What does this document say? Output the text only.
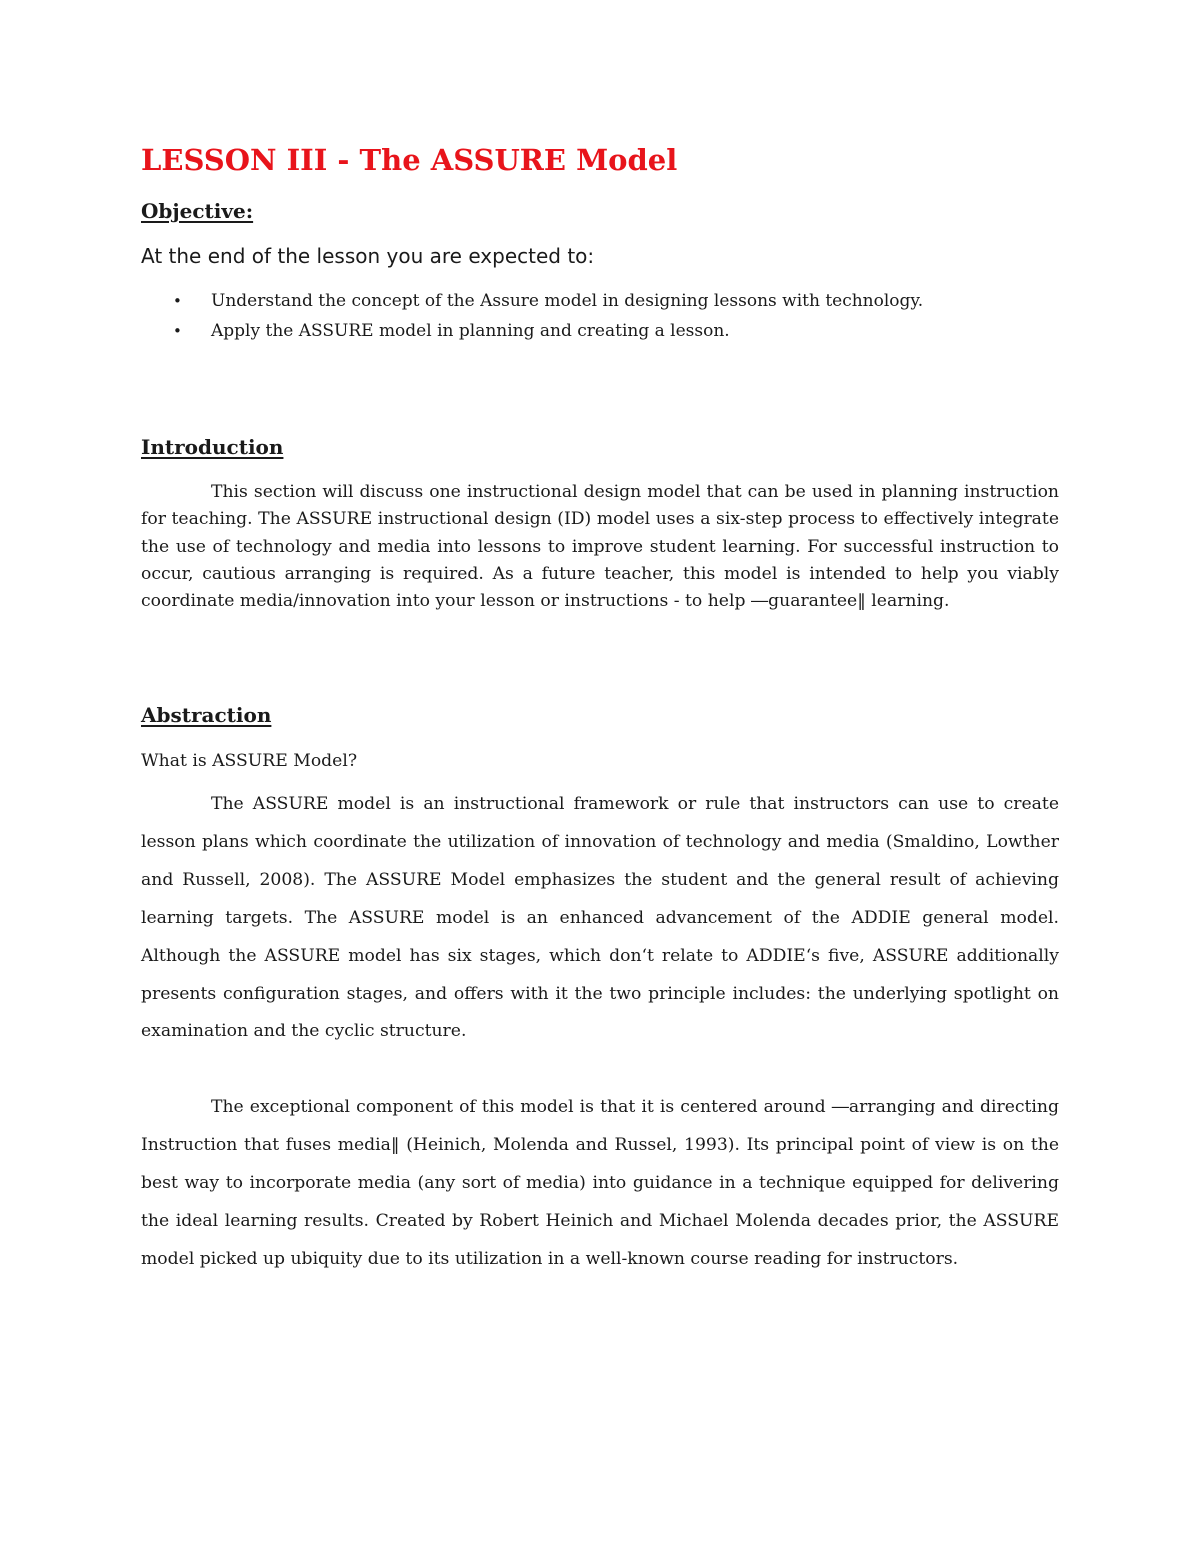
LESSON III - The ASSURE Model
Objective:

At the end of the lesson you are expected to:

• Understand the concept of the Assure model in designing lessons with technology.
• Apply the ASSURE model in planning and creating a lesson.
Introduction

This section will discuss one instructional design model that can be used in planning instruction for teaching. The ASSURE instructional design (ID) model uses a six-step process to effectively integrate the use of technology and media into lessons to improve student learning. For successful instruction to occur, cautious arranging is required. As a future teacher, this model is intended to help you viably coordinate media/innovation into your lesson or instructions - to help ―guarantee‖ learning.

Abstraction

What is ASSURE Model?

The ASSURE model is an instructional framework or rule that instructors can use to create lesson plans which coordinate the utilization of innovation of technology and media (Smaldino, Lowther and Russell, 2008). The ASSURE Model emphasizes the student and the general result of achieving learning targets. The ASSURE model is an enhanced advancement of the ADDIE general model. Although the ASSURE model has six stages, which don‘t relate to ADDIE‘s five, ASSURE additionally presents configuration stages, and offers with it the two principle includes: the underlying spotlight on examination and the cyclic structure.

The exceptional component of this model is that it is centered around ―arranging and directing Instruction that fuses media‖ (Heinich, Molenda and Russel, 1993). Its principal point of view is on the best way to incorporate media (any sort of media) into guidance in a technique equipped for delivering the ideal learning results. Created by Robert Heinich and Michael Molenda decades prior, the ASSURE model picked up ubiquity due to its utilization in a well-known course reading for instructors.
